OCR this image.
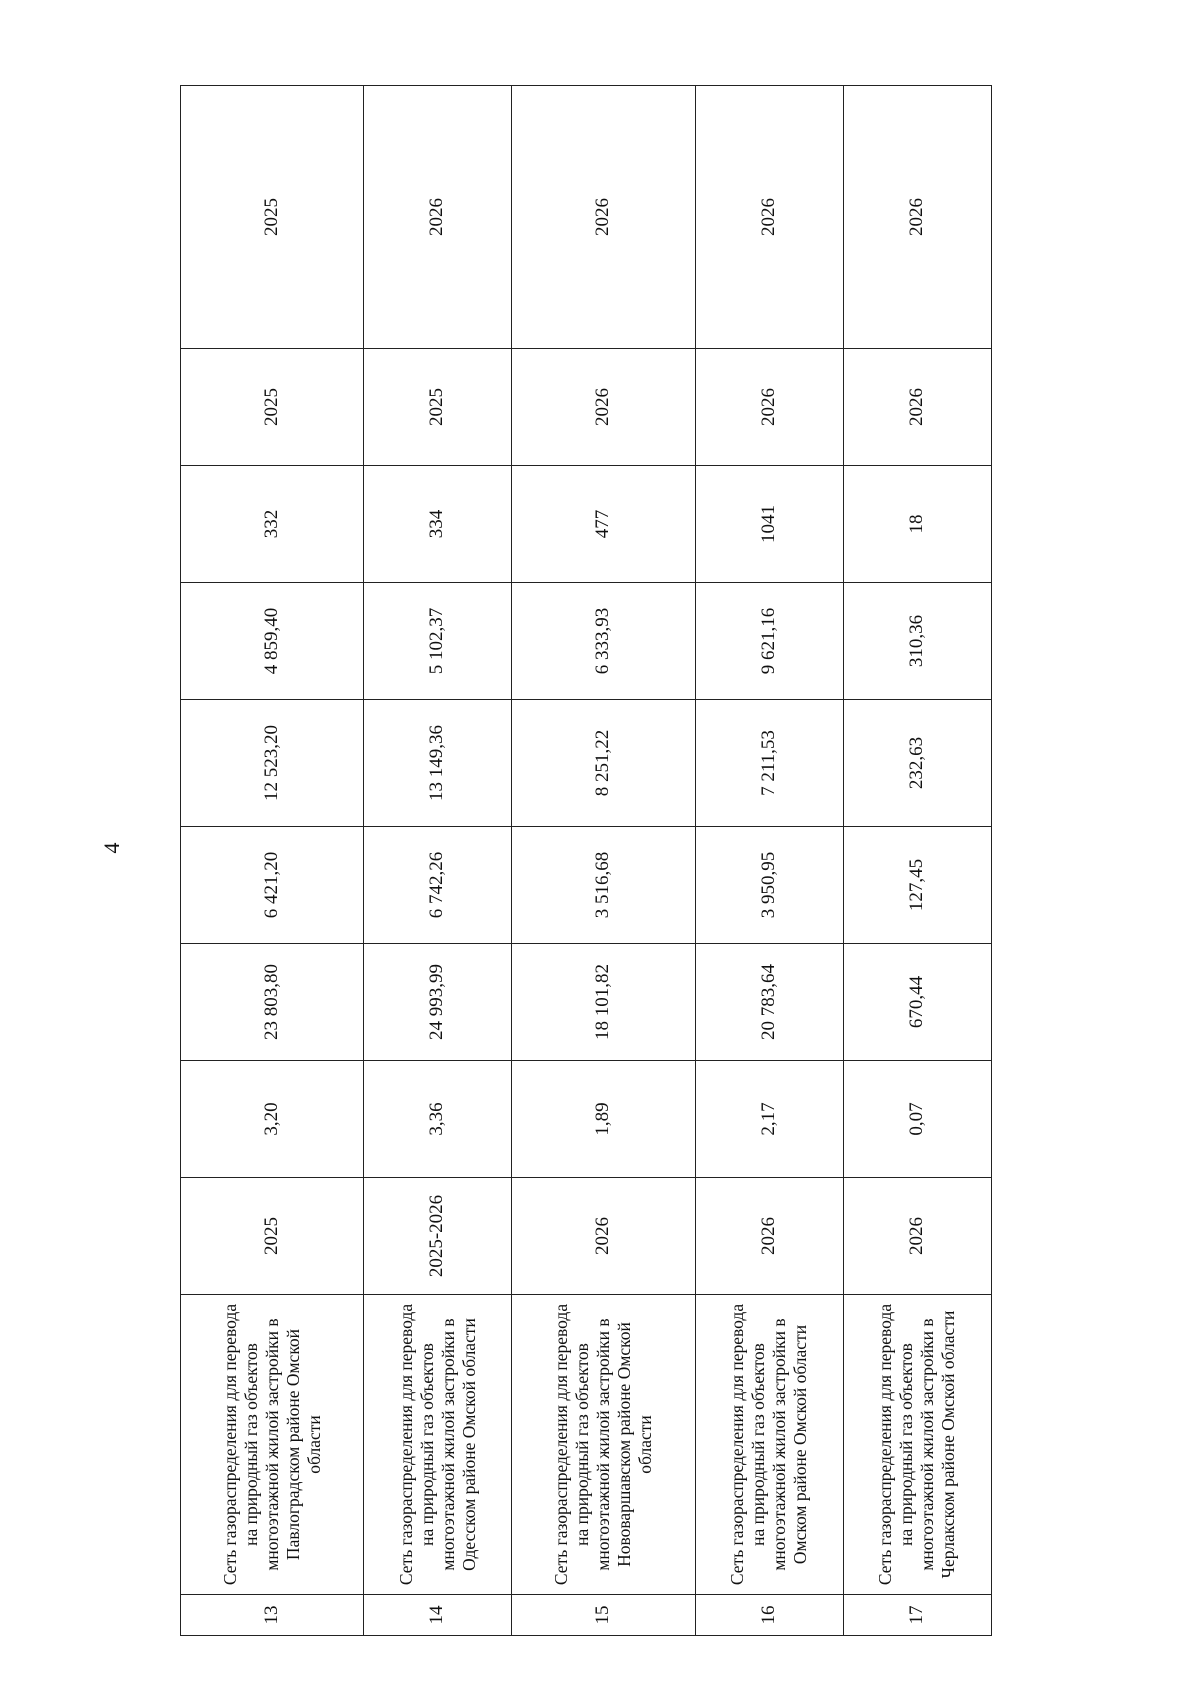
4
13	Сеть газораспределения для перевода на природный газ объектов многоэтажной жилой застройки в Павлоградском районе Омской области	2025	3,20	23 803,80	6 421,20	12 523,20	4 859,40	332	2025	2025
14	Сеть газораспределения для перевода на природный газ объектов многоэтажной жилой застройки в Одесском районе Омской области	2025-2026	3,36	24 993,99	6 742,26	13 149,36	5 102,37	334	2025	2026
15	Сеть газораспределения для перевода на природный газ объектов многоэтажной жилой застройки в Нововаршавском районе Омской области	2026	1,89	18 101,82	3 516,68	8 251,22	6 333,93	477	2026	2026
16	Сеть газораспределения для перевода на природный газ объектов многоэтажной жилой застройки в Омском районе Омской области	2026	2,17	20 783,64	3 950,95	7 211,53	9 621,16	1041	2026	2026
17	Сеть газораспределения для перевода на природный газ объектов многоэтажной жилой застройки в Черлакском районе Омской области	2026	0,07	670,44	127,45	232,63	310,36	18	2026	2026
